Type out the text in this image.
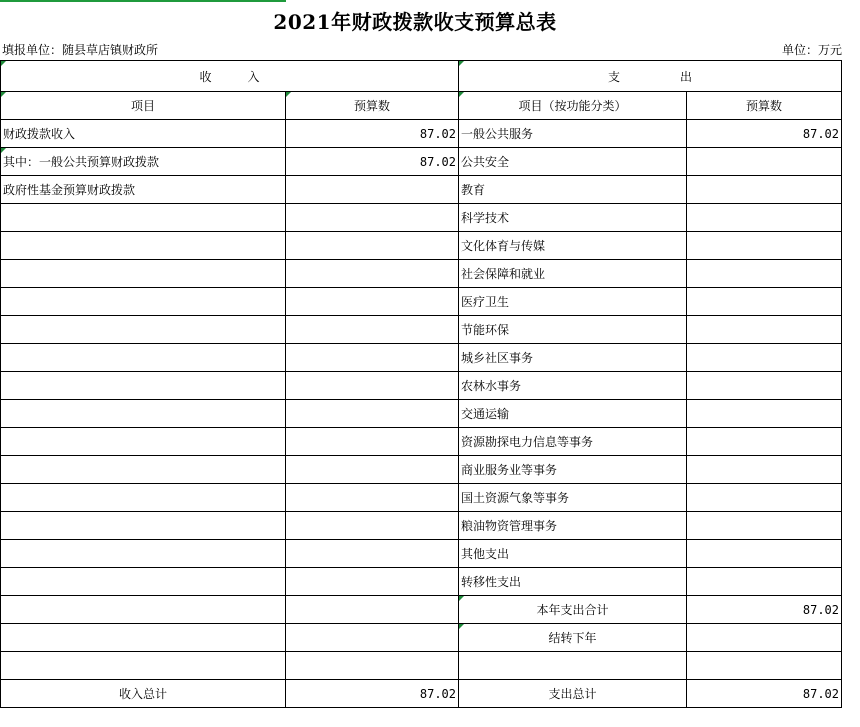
2021年财政拨款收支预算总表
填报单位：随县草店镇财政所	单位：万元
收　　　入		支　　　　　出	
项目	预算数	项目（按功能分类）	预算数
财政拨款收入	87.02	一般公共服务	87.02
其中：一般公共预算财政拨款	87.02	公共安全	
政府性基金预算财政拨款		教育	
		科学技术	
		文化体育与传媒	
		社会保障和就业	
		医疗卫生	
		节能环保	
		城乡社区事务	
		农林水事务	
		交通运输	
		资源勘探电力信息等事务	
		商业服务业等事务	
		国土资源气象等事务	
		粮油物资管理事务	
		其他支出	
		转移性支出	
		本年支出合计	87.02
		结转下年	

收入总计	87.02	支出总计	87.02
